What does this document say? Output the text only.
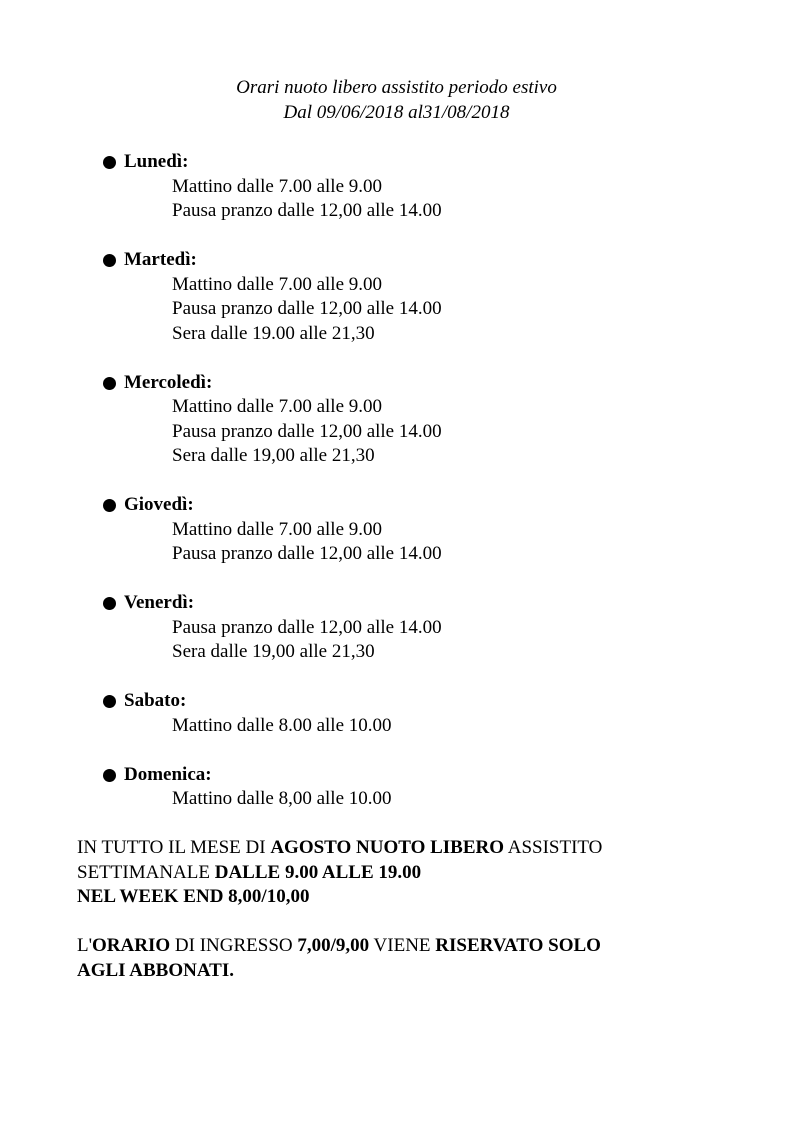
Orari nuoto libero assistito periodo estivo
Dal 09/06/2018 al31/08/2018
Lunedì:
Mattino dalle 7.00 alle 9.00
Pausa pranzo dalle 12,00 alle 14.00
Martedì:
Mattino dalle 7.00 alle 9.00
Pausa pranzo dalle 12,00 alle 14.00
Sera dalle 19.00 alle 21,30
Mercoledì:
Mattino dalle 7.00 alle 9.00
Pausa pranzo dalle 12,00 alle 14.00
Sera dalle 19,00 alle 21,30
Giovedì:
Mattino dalle 7.00 alle 9.00
Pausa pranzo dalle 12,00 alle 14.00
Venerdì:
Pausa pranzo dalle 12,00 alle 14.00
Sera dalle 19,00 alle 21,30
Sabato:
Mattino dalle 8.00 alle 10.00
Domenica:
Mattino dalle 8,00 alle 10.00
IN TUTTO IL MESE DI AGOSTO NUOTO LIBERO ASSISTITO
SETTIMANALE DALLE 9.00 ALLE 19.00
NEL WEEK END 8,00/10,00
L'ORARIO DI INGRESSO 7,00/9,00 VIENE RISERVATO SOLO
AGLI ABBONATI.
